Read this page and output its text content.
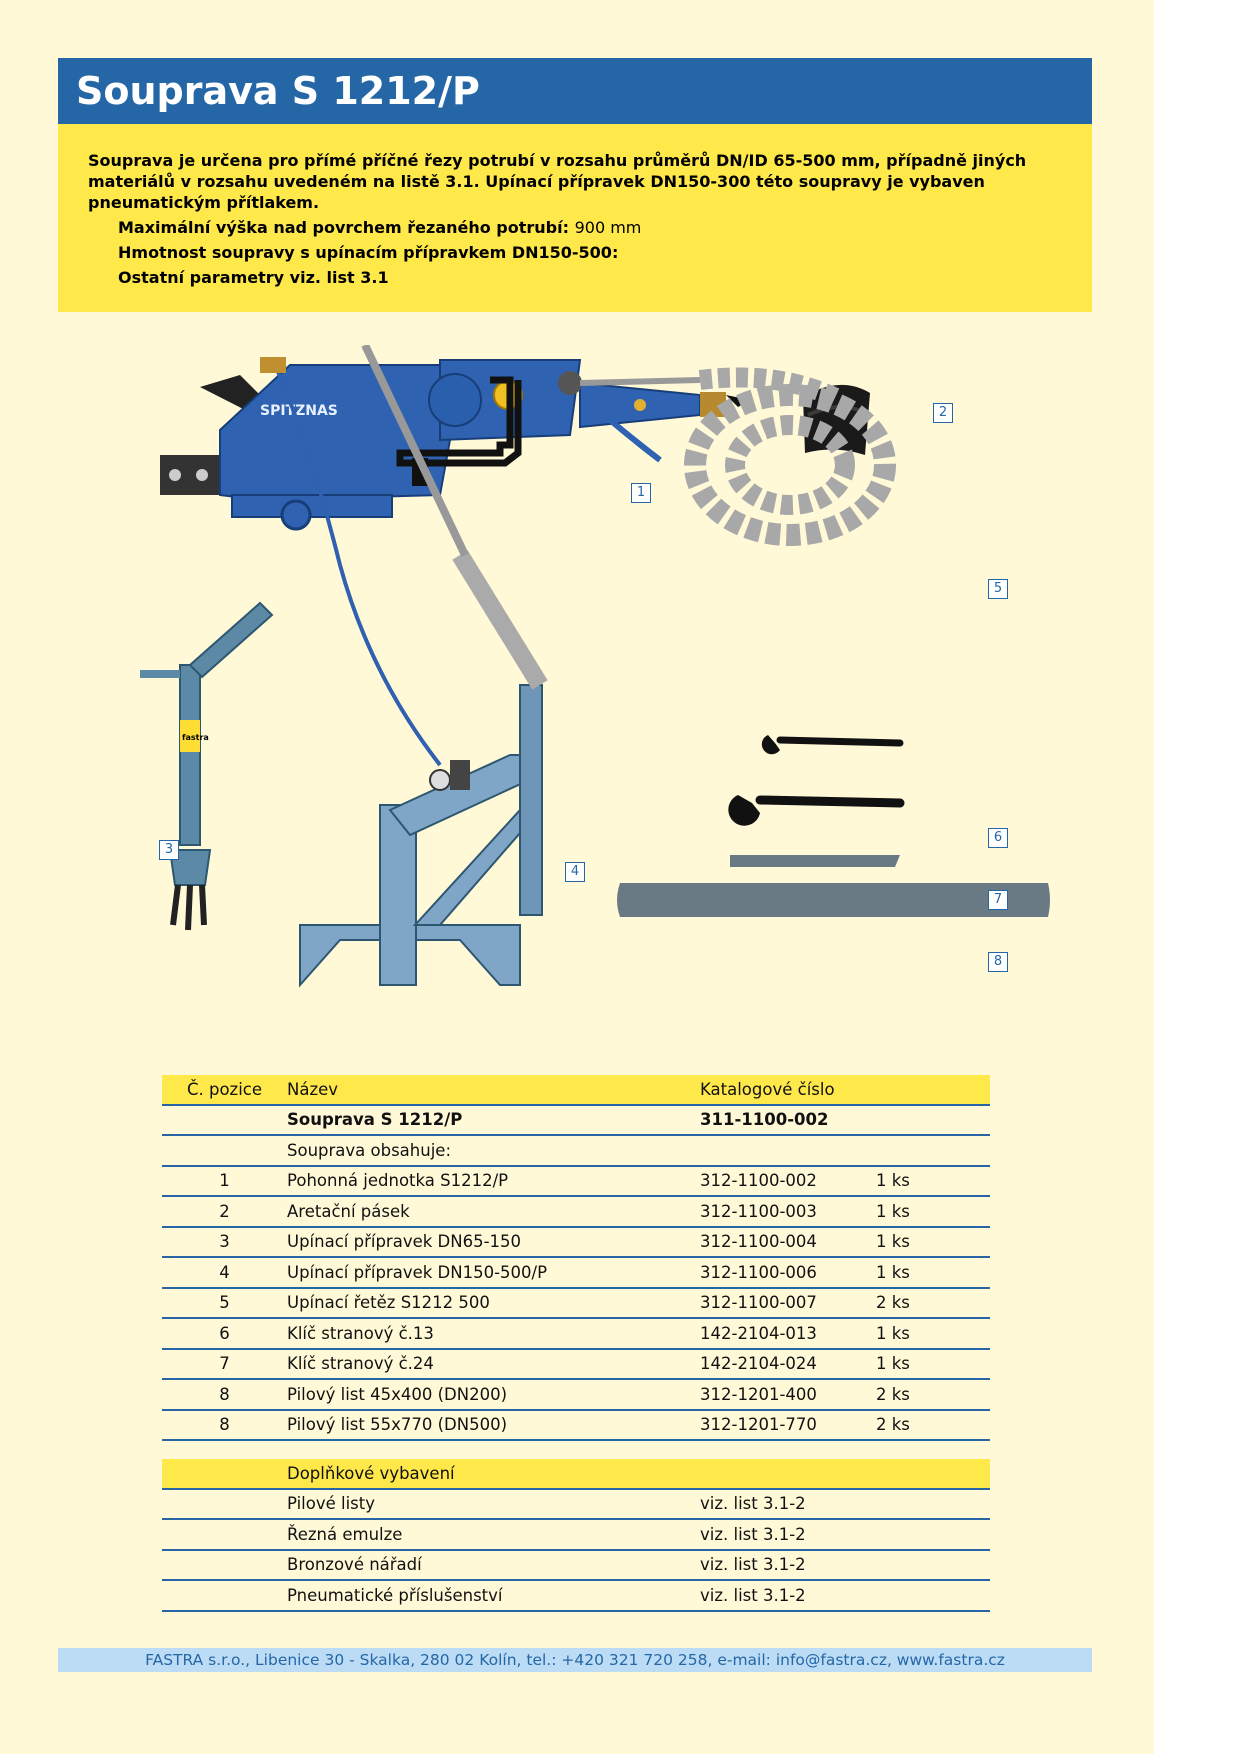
Souprava S 1212/P

Souprava je určena pro přímé příčné řezy potrubí v rozsahu průměrů DN/ID 65-500 mm, případně jiných materiálů v rozsahu uvedeném na listě 3.1. Upínací přípravek DN150-300 této soupravy je vybaven pneumatickým přítlakem.

Maximální výška nad povrchem řezaného potrubí: 900 mm

Hmotnost soupravy s upínacím přípravkem DN150-500:

Ostatní parametry viz. list 3.1

SPITZNAS
fastra
1
2
3
4
5
6
7
8
Č. pozice	Název	Katalogové číslo	
	Souprava S 1212/P	311-1100-002	
	Souprava obsahuje:		
1	Pohonná jednotka S1212/P	312-1100-002	1 ks
2	Aretační pásek	312-1100-003	1 ks
3	Upínací přípravek DN65-150	312-1100-004	1 ks
4	Upínací přípravek DN150-500/P	312-1100-006	1 ks
5	Upínací řetěz S1212 500	312-1100-007	2 ks
6	Klíč stranový č.13	142-2104-013	1 ks
7	Klíč stranový č.24	142-2104-024	1 ks
8	Pilový list 45x400 (DN200)	312-1201-400	2 ks
8	Pilový list 55x770 (DN500)	312-1201-770	2 ks
	Doplňkové vybavení		
	Pilové listy	viz. list 3.1-2	
	Řezná emulze	viz. list 3.1-2	
	Bronzové nářadí	viz. list 3.1-2	
	Pneumatické příslušenství	viz. list 3.1-2	
FASTRA s.r.o., Libenice 30 - Skalka, 280 02 Kolín, tel.: +420 321 720 258, e-mail: info@fastra.cz, www.fastra.cz
